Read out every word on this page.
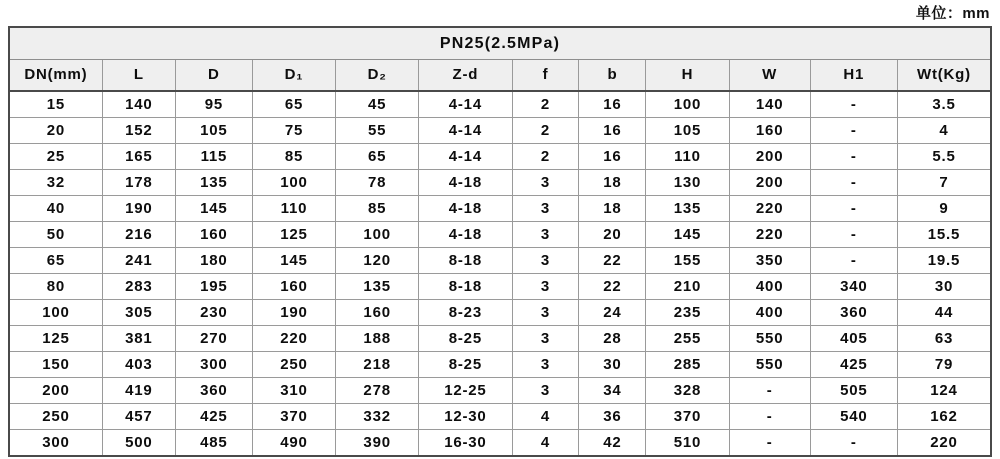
单位：mm
PN25(2.5MPa)											
DN(mm)	L	D	D₁	D₂	Z-d	f	b	H	W	H1	Wt(Kg)
15	140	95	65	45	4-14	2	16	100	140	-	3.5
20	152	105	75	55	4-14	2	16	105	160	-	4
25	165	115	85	65	4-14	2	16	110	200	-	5.5
32	178	135	100	78	4-18	3	18	130	200	-	7
40	190	145	110	85	4-18	3	18	135	220	-	9
50	216	160	125	100	4-18	3	20	145	220	-	15.5
65	241	180	145	120	8-18	3	22	155	350	-	19.5
80	283	195	160	135	8-18	3	22	210	400	340	30
100	305	230	190	160	8-23	3	24	235	400	360	44
125	381	270	220	188	8-25	3	28	255	550	405	63
150	403	300	250	218	8-25	3	30	285	550	425	79
200	419	360	310	278	12-25	3	34	328	-	505	124
250	457	425	370	332	12-30	4	36	370	-	540	162
300	500	485	490	390	16-30	4	42	510	-	-	220
